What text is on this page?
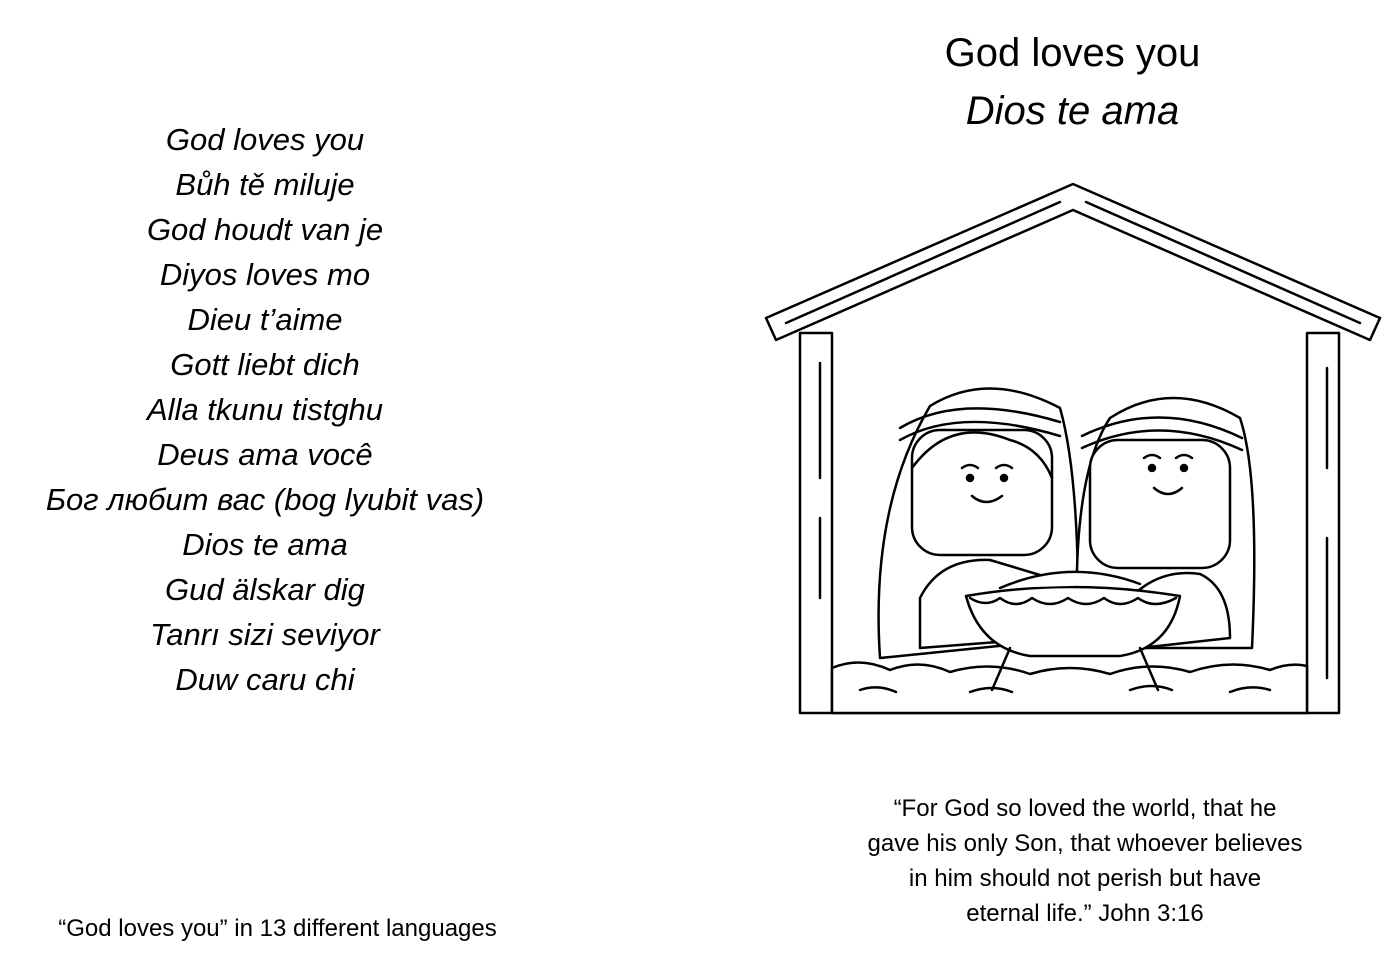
God loves you
Bůh tě miluje
God houdt van je
Diyos loves mo
Dieu t’aime
Gott liebt dich
Alla tkunu tistghu
Deus ama você
Бог любит вас (bog lyubit vas)
Dios te ama
Gud älskar dig
Tanrı sizi seviyor
Duw caru chi
“God loves you” in 13 different languages
God loves you
Dios te ama
“For God so loved the world, that he
gave his only Son, that whoever believes
in him should not perish but have
eternal life.” John 3:16
